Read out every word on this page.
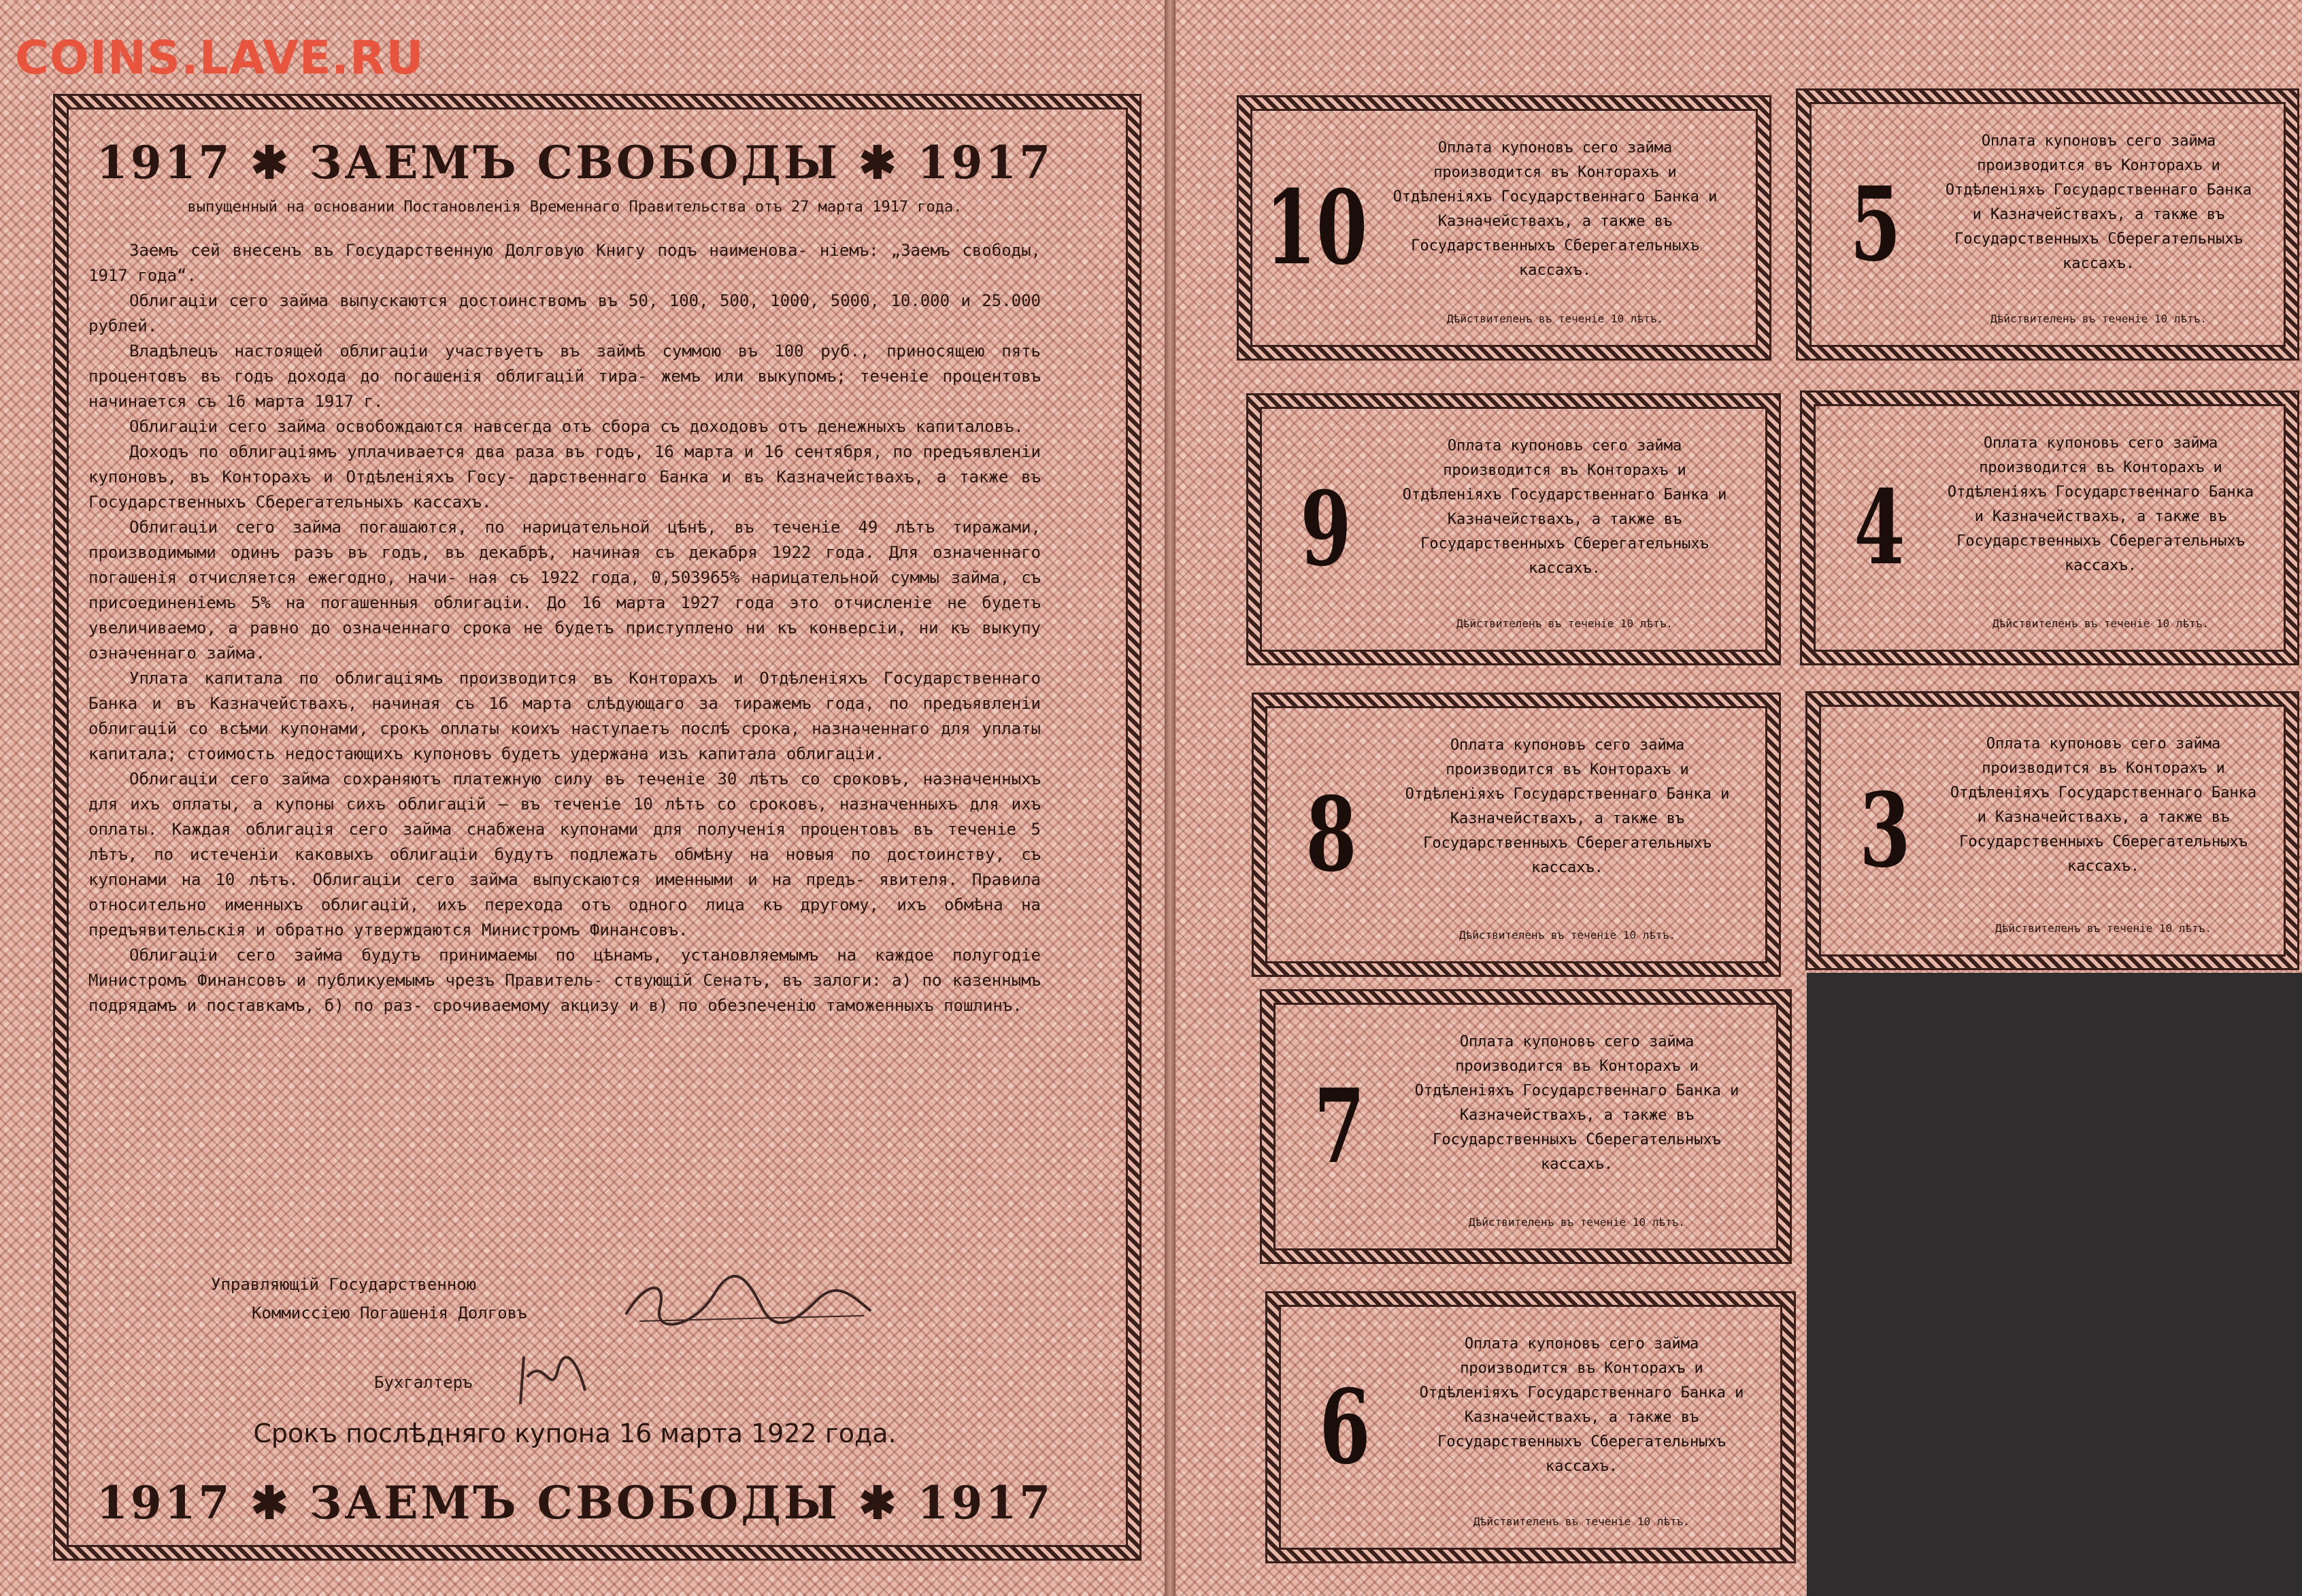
COINS.LAVE.RU
1917 ✱ ЗАЕМЪ СВОБОДЫ ✱ 1917
выпущенный на основании Постановленія Временнаго Правительства отъ 27 марта 1917 года.

Заемъ сей внесенъ въ Государственную Долговую Книгу подъ наименова- ніемъ: „Заемъ свободы, 1917 года“.

Облигаціи сего займа выпускаются достоинствомъ въ 50, 100, 500, 1000, 5000, 10.000 и 25.000 рублей.

Владѣлецъ настоящей облигаціи участвуетъ въ займѣ суммою въ 100 руб., приносящею пять процентовъ въ годъ дохода до погашенія облигацій тира- жемъ или выкупомъ; теченіе процентовъ начинается съ 16 марта 1917 г.

Облигаціи сего займа освобождаются навсегда отъ сбора съ доходовъ отъ денежныхъ капиталовъ.

Доходъ по облигаціямъ уплачивается два раза въ годъ, 16 марта и 16 сентября, по предъявленіи купоновъ, въ Конторахъ и Отдѣленіяхъ Госу- дарственнаго Банка и въ Казначействахъ, а также въ Государственныхъ Сберегательныхъ кассахъ.

Облигаціи сего займа погашаются, по нарицательной цѣнѣ, въ теченіе 49 лѣтъ тиражами, производимыми одинъ разъ въ годъ, въ декабрѣ, начиная съ декабря 1922 года. Для означеннаго погашенія отчисляется ежегодно, начи- ная съ 1922 года, 0,503965% нарицательной суммы займа, съ присоединеніемъ 5% на погашенныя облигаціи. До 16 марта 1927 года это отчисленіе не будетъ увеличиваемо, а равно до означеннаго срока не будетъ приступлено ни къ конверсіи, ни къ выкупу означеннаго займа.

Уплата капитала по облигаціямъ производится въ Конторахъ и Отдѣленіяхъ Государственнаго Банка и въ Казначействахъ, начиная съ 16 марта слѣдующаго за тиражемъ года, по предъявленіи облигацій со всѣми купонами, срокъ оплаты коихъ наступаетъ послѣ срока, назначеннаго для уплаты капитала; стоимость недостающихъ купоновъ будетъ удержана изъ капитала облигаціи.

Облигаціи сего займа сохраняютъ платежную силу въ теченіе 30 лѣтъ со сроковъ, назначенныхъ для ихъ оплаты, а купоны сихъ облигацій — въ теченіе 10 лѣтъ со сроковъ, назначенныхъ для ихъ оплаты. Каждая облигація сего займа снабжена купонами для полученія процентовъ въ теченіе 5 лѣтъ, по истеченіи каковыхъ облигаціи будутъ подлежать обмѣну на новыя по достоинству, съ купонами на 10 лѣтъ. Облигаціи сего займа выпускаются именными и на предъ- явителя. Правила относительно именныхъ облигацій, ихъ перехода отъ одного лица къ другому, ихъ обмѣна на предъявительскія и обратно утверждаются Министромъ Финансовъ.

Облигаціи сего займа будутъ принимаемы по цѣнамъ, установляемымъ на каждое полугодіе Министромъ Финансовъ и публикуемымъ чрезъ Правитель- ствующій Сенатъ, въ залоги: а) по казеннымъ подрядамъ и поставкамъ, б) по раз- срочиваемому акцизу и в) по обезпеченію таможенныхъ пошлинъ.

Управляющій Государственною
Коммиссіею Погашенія Долговъ
Бухгалтеръ
Срокъ послѣдняго купона 16 марта 1922 года.
1917 ✱ ЗАЕМЪ СВОБОДЫ ✱ 1917
10
Оплата купоновъ сего займа производится въ Конторахъ и Отдѣленіяхъ Государственнаго Банка и Казначействахъ, а также въ Государственныхъ Сберегательныхъ кассахъ.
Дѣйствителенъ въ теченіе 10 лѣтъ.
5
Оплата купоновъ сего займа производится въ Конторахъ и Отдѣленіяхъ Государственнаго Банка и Казначействахъ, а также въ Государственныхъ Сберегательныхъ кассахъ.
Дѣйствителенъ въ теченіе 10 лѣтъ.
9
Оплата купоновъ сего займа производится въ Конторахъ и Отдѣленіяхъ Государственнаго Банка и Казначействахъ, а также въ Государственныхъ Сберегательныхъ кассахъ.
Дѣйствителенъ въ теченіе 10 лѣтъ.
4
Оплата купоновъ сего займа производится въ Конторахъ и Отдѣленіяхъ Государственнаго Банка и Казначействахъ, а также въ Государственныхъ Сберегательныхъ кассахъ.
Дѣйствителенъ въ теченіе 10 лѣтъ.
8
Оплата купоновъ сего займа производится въ Конторахъ и Отдѣленіяхъ Государственнаго Банка и Казначействахъ, а также въ Государственныхъ Сберегательныхъ кассахъ.
Дѣйствителенъ въ теченіе 10 лѣтъ.
3
Оплата купоновъ сего займа производится въ Конторахъ и Отдѣленіяхъ Государственнаго Банка и Казначействахъ, а также въ Государственныхъ Сберегательныхъ кассахъ.
Дѣйствителенъ въ теченіе 10 лѣтъ.
7
Оплата купоновъ сего займа производится въ Конторахъ и Отдѣленіяхъ Государственнаго Банка и Казначействахъ, а также въ Государственныхъ Сберегательныхъ кассахъ.
Дѣйствителенъ въ теченіе 10 лѣтъ.
6
Оплата купоновъ сего займа производится въ Конторахъ и Отдѣленіяхъ Государственнаго Банка и Казначействахъ, а также въ Государственныхъ Сберегательныхъ кассахъ.
Дѣйствителенъ въ теченіе 10 лѣтъ.
